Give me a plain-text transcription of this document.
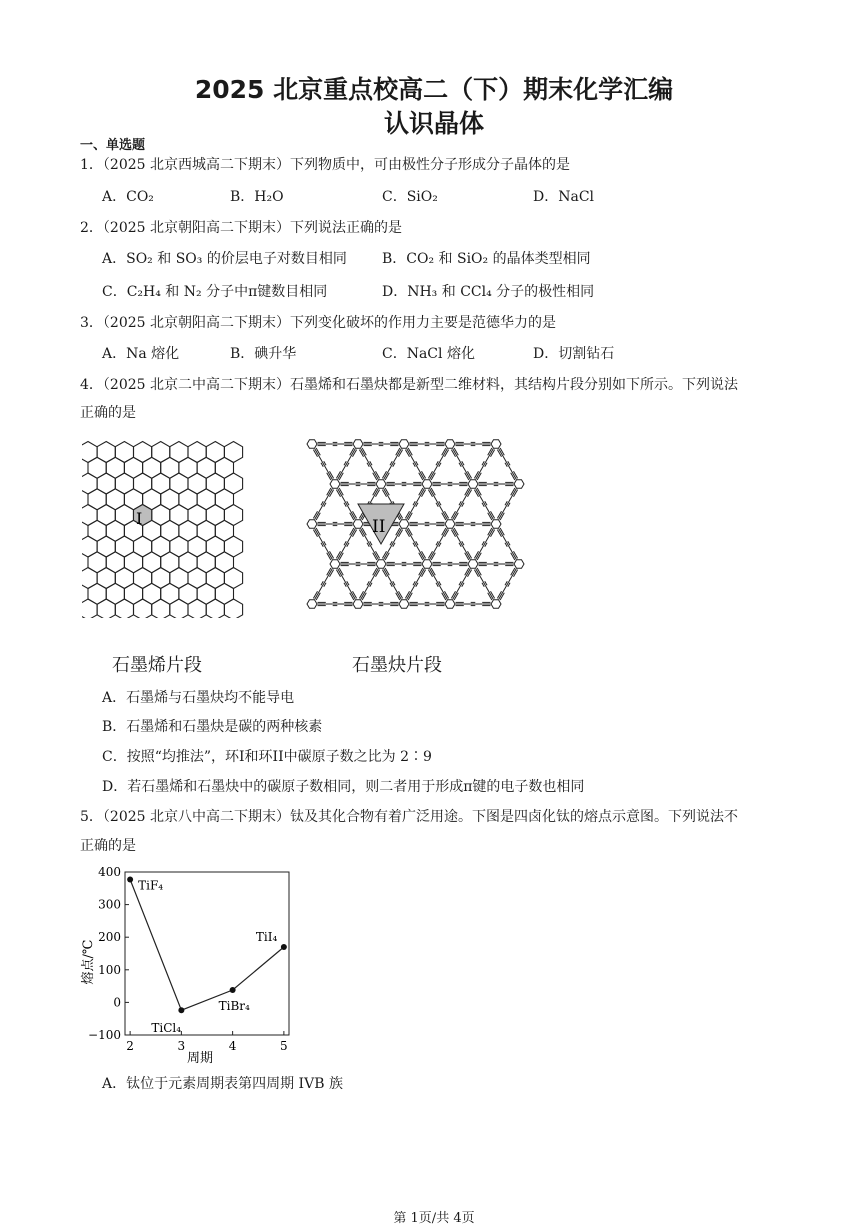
2025 北京重点校高二（下）期末化学汇编
认识晶体
一、单选题
1．（2025 北京西城高二下期末）下列物质中，可由极性分子形成分子晶体的是
A．CO₂	B．H₂O	C．SiO₂	D．NaCl
2．（2025 北京朝阳高二下期末）下列说法正确的是
A．SO₂ 和 SO₃ 的价层电子对数目相同	B．CO₂ 和 SiO₂ 的晶体类型相同
C．C₂H₄ 和 N₂ 分子中π键数目相同	D．NH₃ 和 CCl₄ 分子的极性相同
3．（2025 北京朝阳高二下期末）下列变化破坏的作用力主要是范德华力的是
A．Na 熔化	B．碘升华	C．NaCl 熔化	D．切割钻石
4．（2025 北京二中高二下期末）石墨烯和石墨炔都是新型二维材料，其结构片段分别如下所示。下列说法
正确的是
I
石墨烯片段
II
石墨炔片段
A．石墨烯与石墨炔均不能导电
B．石墨烯和石墨炔是碳的两种核素
C．按照“均推法”，环I和环II中碳原子数之比为 2∶9
D．若石墨烯和石墨炔中的碳原子数相同，则二者用于形成π键的电子数也相同
5．（2025 北京八中高二下期末）钛及其化合物有着广泛用途。下图是四卤化钛的熔点示意图。下列说法不
正确的是
400
300
200
100
0
−100
2	3	4	5
TiF₄
TiCl₄
TiBr₄
TiI₄
熔点/℃
周期
A．钛位于元素周期表第四周期 IVB 族
第 1页/共 4页
